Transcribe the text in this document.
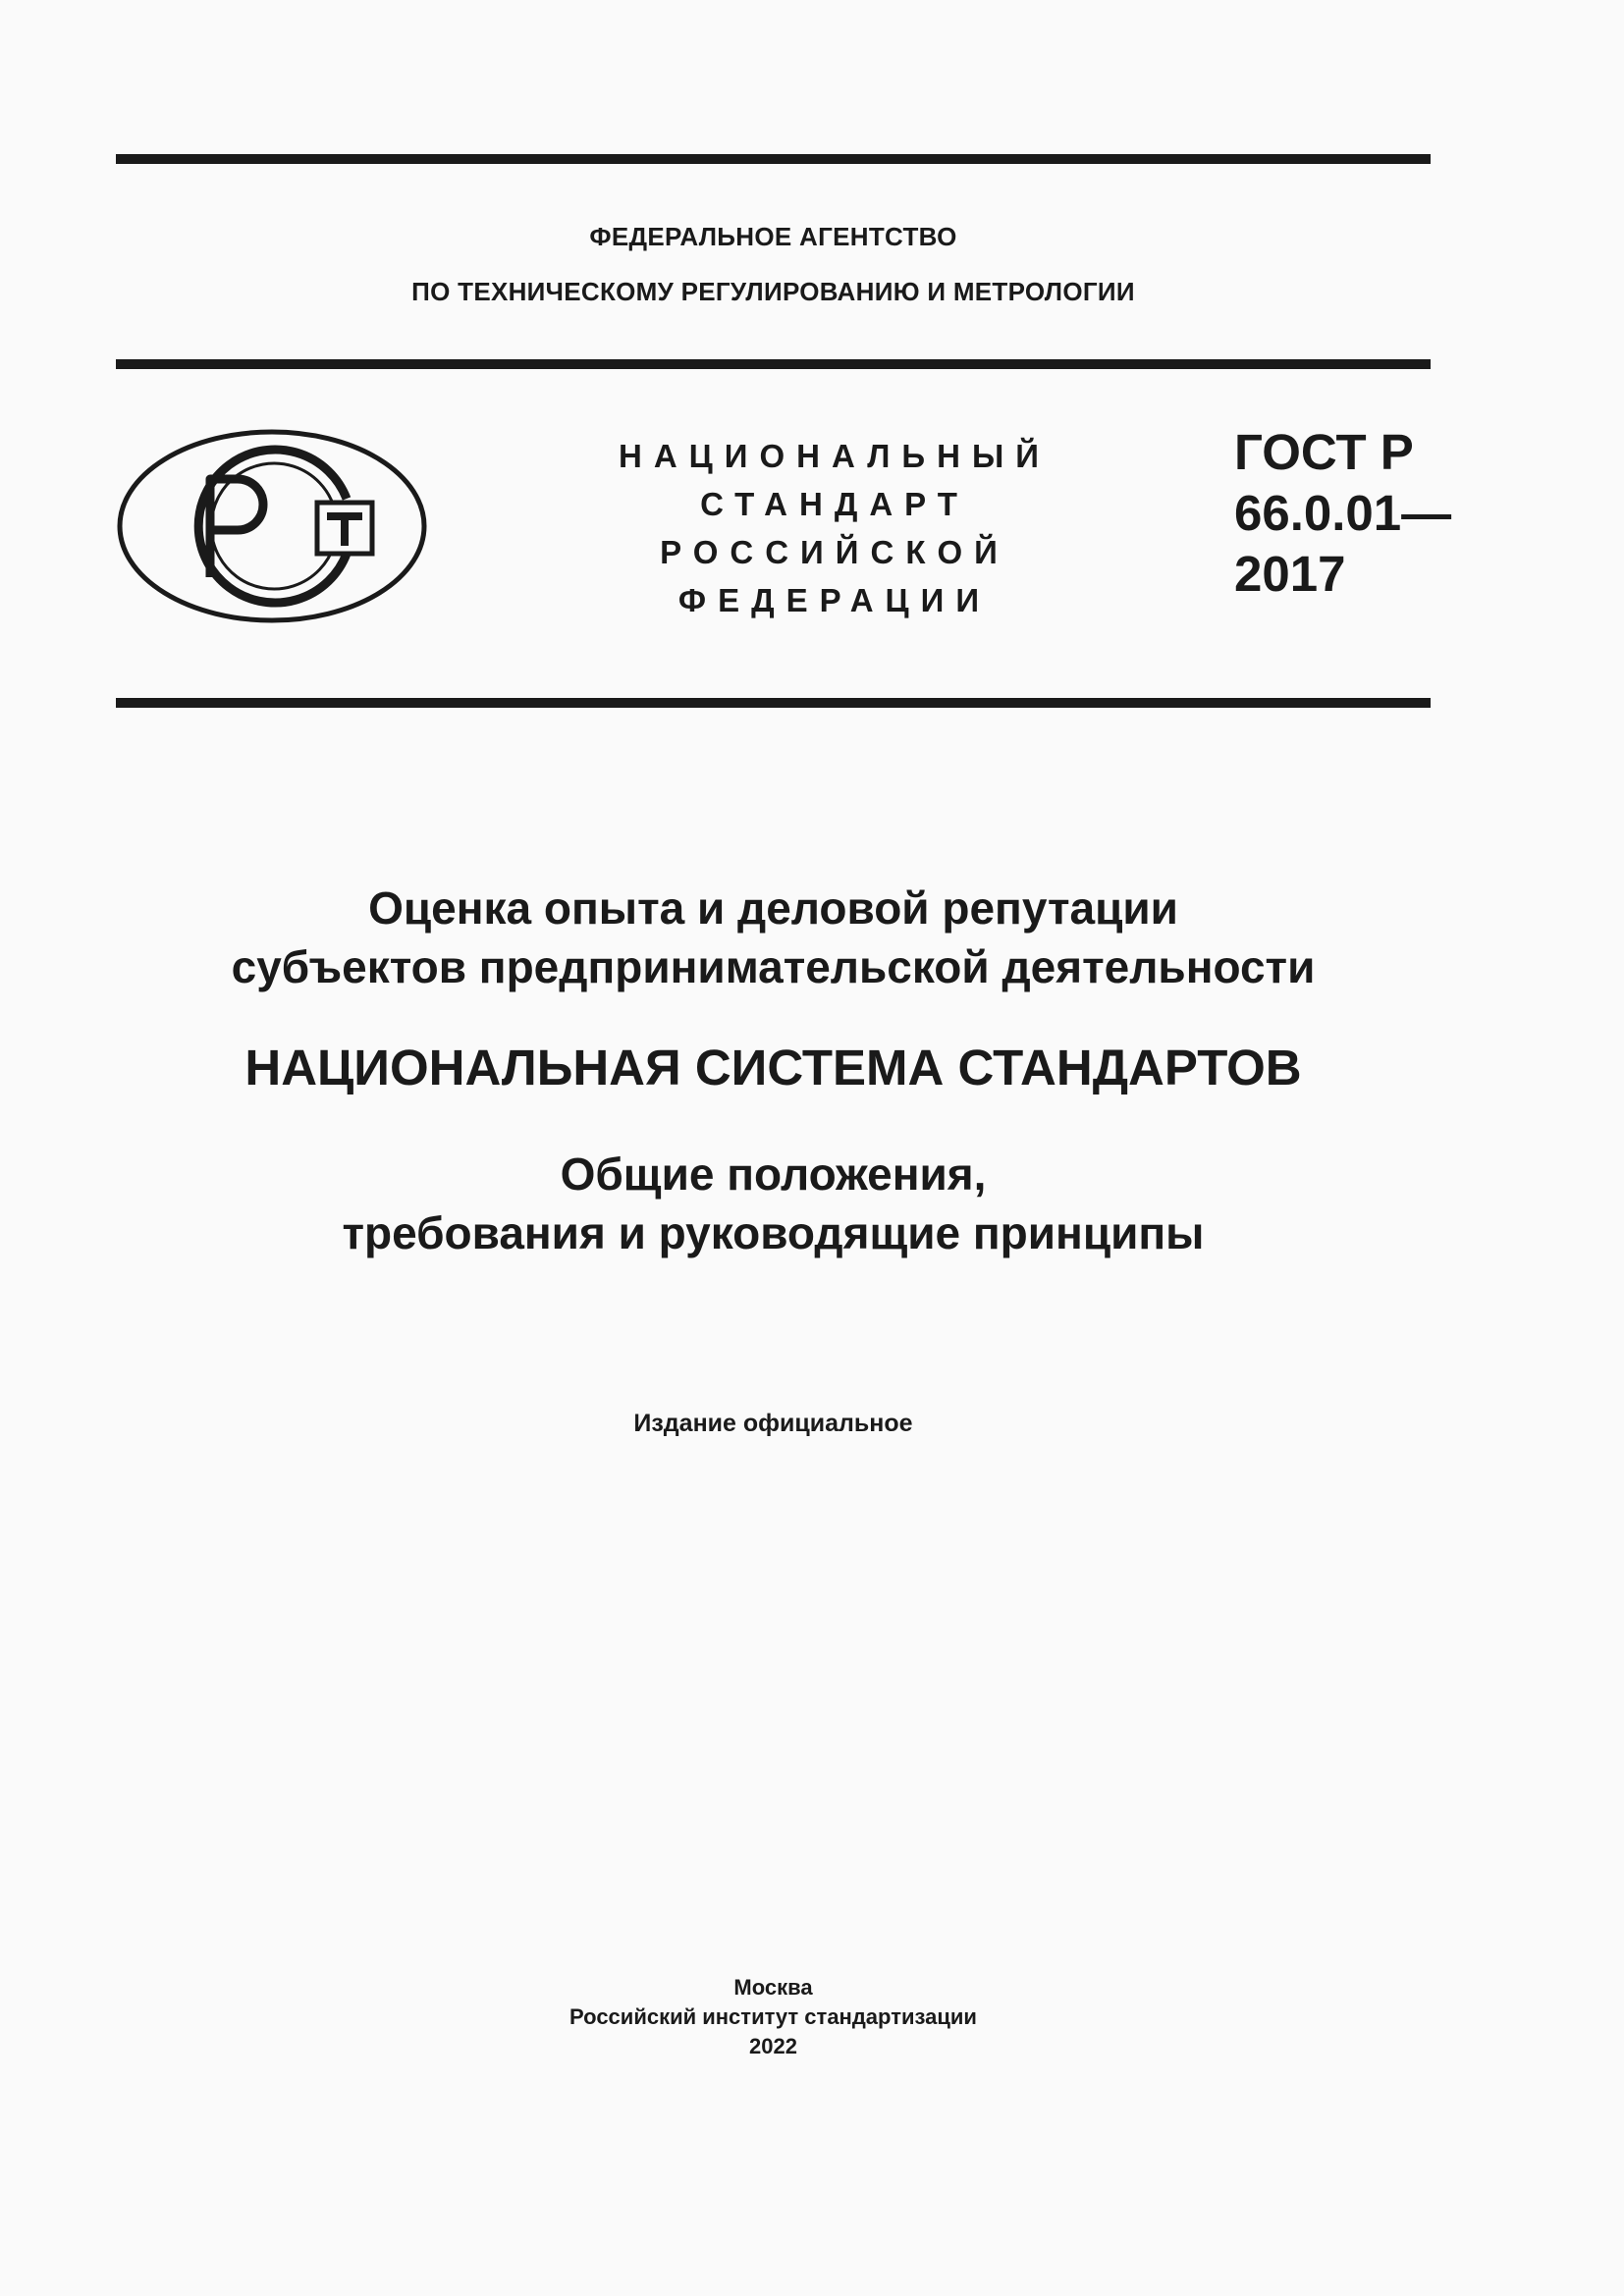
ФЕДЕРАЛЬНОЕ АГЕНТСТВО
ПО ТЕХНИЧЕСКОМУ РЕГУЛИРОВАНИЮ И МЕТРОЛОГИИ
НАЦИОНАЛЬНЫЙ
СТАНДАРТ
РОССИЙСКОЙ
ФЕДЕРАЦИИ
ГОСТ Р
66.0.01—
2017
Оценка опыта и деловой репутации
субъектов предпринимательской деятельности
НАЦИОНАЛЬНАЯ СИСТЕМА СТАНДАРТОВ
Общие положения,
требования и руководящие принципы
Издание официальное
Москва
Российский институт стандартизации
2022
